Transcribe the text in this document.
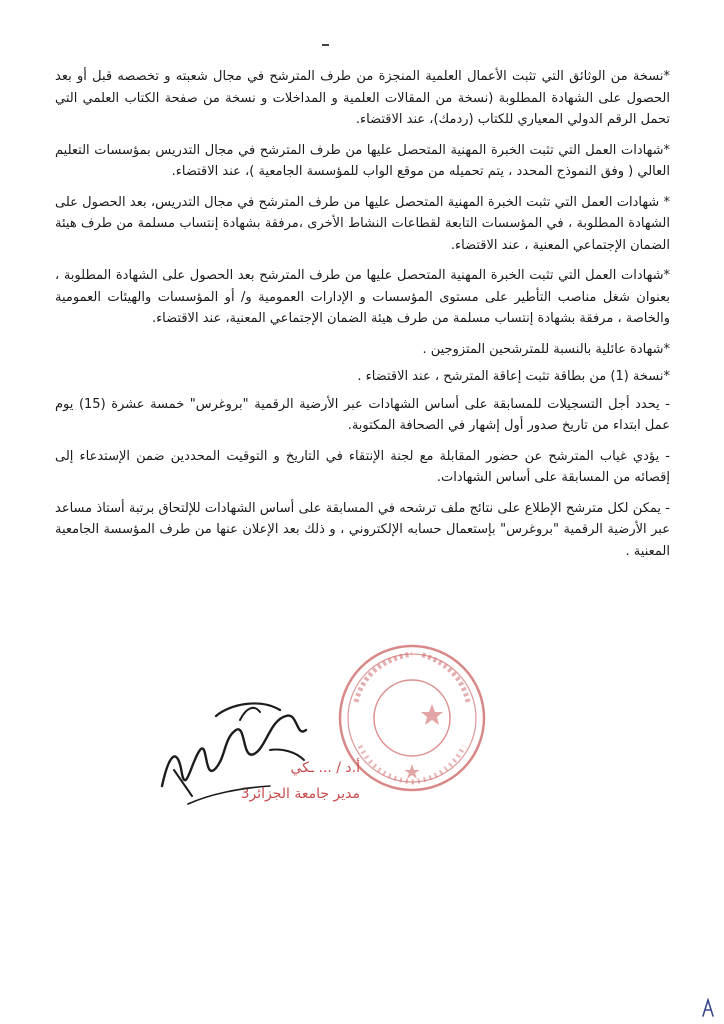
*نسخة من الوثائق التي تثبت الأعمال العلمية المنجزة من طرف المترشح في مجال شعبته و تخصصه قبل أو بعد الحصول على الشهادة المطلوبة (نسخة من المقالات العلمية و المداخلات و نسخة من صفحة الكتاب العلمي التي تحمل الرقم الدولي المعياري للكتاب (ردمك)، عند الاقتضاء.

*شهادات العمل التي تثبت الخبرة المهنية المتحصل عليها من طرف المترشح في مجال التدريس بمؤسسات التعليم العالي ( وفق النموذج المحدد ، يتم تحميله من موقع الواب للمؤسسة الجامعية )، عند الاقتضاء.

* شهادات العمل التي تثبت الخبرة المهنية المتحصل عليها من طرف المترشح في مجال التدريس، بعد الحصول على الشهادة المطلوبة ، في المؤسسات التابعة لقطاعات النشاط الأخرى ،مرفقة بشهادة إنتساب مسلمة من طرف هيئة الضمان الإجتماعي المعنية ، عند الاقتضاء.

*شهادات العمل التي تثبت الخبرة المهنية المتحصل عليها من طرف المترشح بعد الحصول على الشهادة المطلوبة ، بعنوان شغل مناصب التأطير على مستوى المؤسسات و الإدارات العمومية و/ أو المؤسسات والهيئات العمومية والخاصة ، مرفقة بشهادة إنتساب مسلمة من طرف هيئة الضمان الإجتماعي المعنية، عند الاقتضاء.

*شهادة عائلية بالنسبة للمترشحين المتزوجين .

*نسخة (1) من بطاقة تثبت إعاقة المترشح ، عند الاقتضاء .

- يحدد أجل التسجيلات للمسابقة على أساس الشهادات عبر الأرضية الرقمية "بروغرس" خمسة عشرة (15) يوم عمل ابتداء من تاريخ صدور أول إشهار في الصحافة المكتوبة.

- يؤدي غياب المترشح عن حضور المقابلة مع لجنة الإنتقاء في التاريخ و التوقيت المحددين ضمن الإستدعاء إلى إقصائه من المسابقة على أساس الشهادات.

- يمكن لكل مترشح الإطلاع على نتائج ملف ترشحه في المسابقة على أساس الشهادات للإلتحاق برتبة أستاذ مساعد عبر الأرضية الرقمية "بروغرس" بإستعمال حسابه الإلكتروني ، و ذلك بعد الإعلان عنها من طرف المؤسسة الجامعية المعنية .

أ.د / ... ـكي
مدير جامعة الجزائر3
